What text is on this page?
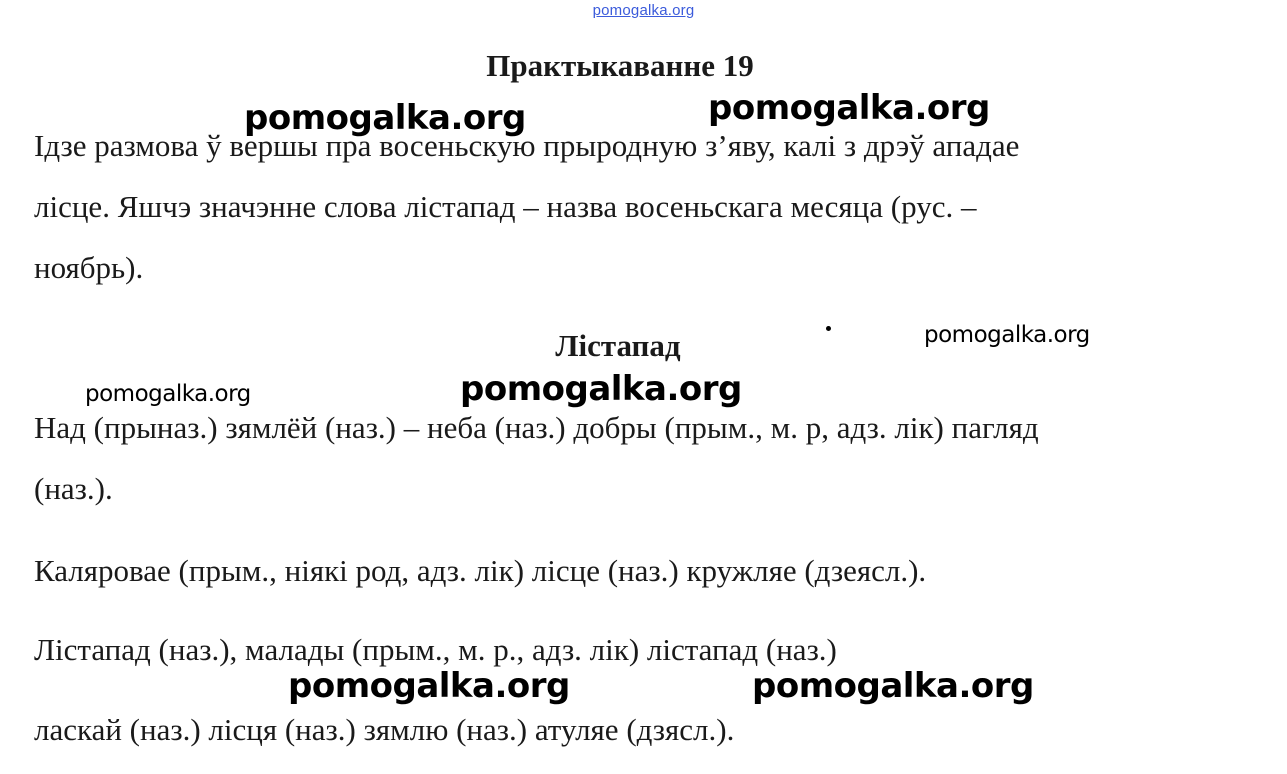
pomogalka.org
Практыкаванне 19
Ідзе размова ў вершы пра восеньскую прыродную з’яву, калі з дрэў ападае
лісце. Яшчэ значэнне слова лістапад – назва восеньскага месяца (рус. –
ноябрь).
Лістапад
Над (прыназ.) зямлёй (наз.) – неба (наз.) добры (прым., м. р, адз. лік) пагляд
(наз.).
Каляровае (прым., ніякі род, адз. лік) лісце (наз.) кружляе (дзеясл.).
Лістапад (наз.), малады (прым., м. р., адз. лік) лістапад (наз.)
ласкай (наз.) лісця (наз.) зямлю (наз.) атуляе (дзясл.).
pomogalka.org	pomogalka.org
pomogalka.org
pomogalka.org	pomogalka.org
pomogalka.org	pomogalka.org
